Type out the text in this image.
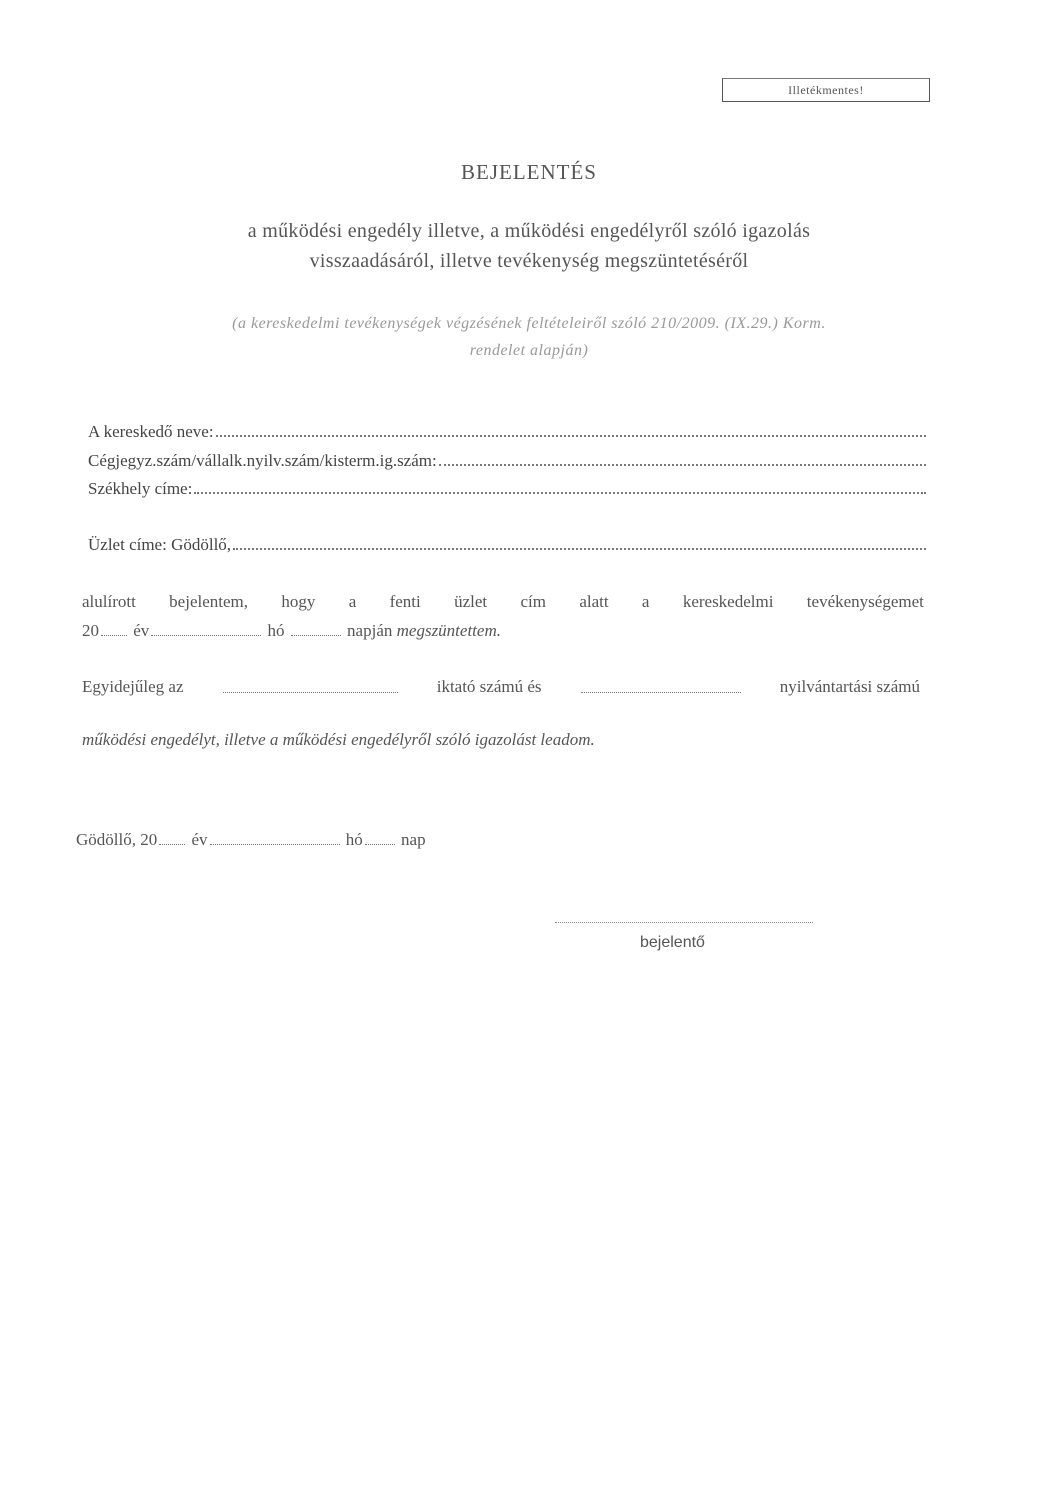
Illetékmentes!
BEJELENTÉS
a működési engedély illetve, a működési engedélyről szóló igazolás
visszaadásáról, illetve tevékenység megszüntetéséről
(a kereskedelmi tevékenységek végzésének feltételeiről szóló 210/2009. (IX.29.) Korm.
rendelet alapján)
A kereskedő neve:
Cégjegyz.szám/vállalk.nyilv.szám/kisterm.ig.szám:
Székhely címe:
Üzlet címe: Gödöllő,
alulírott bejelentem, hogy a fenti üzlet cím alatt a kereskedelmi tevékenységemet
20 év	hó	napján megszüntettem.
Egyidejűleg az	iktató számú és	nyilvántartási számú
működési engedélyt, illetve a működési engedélyről szóló igazolást leadom.
Gödöllő, 20 év	hó nap
bejelentő
